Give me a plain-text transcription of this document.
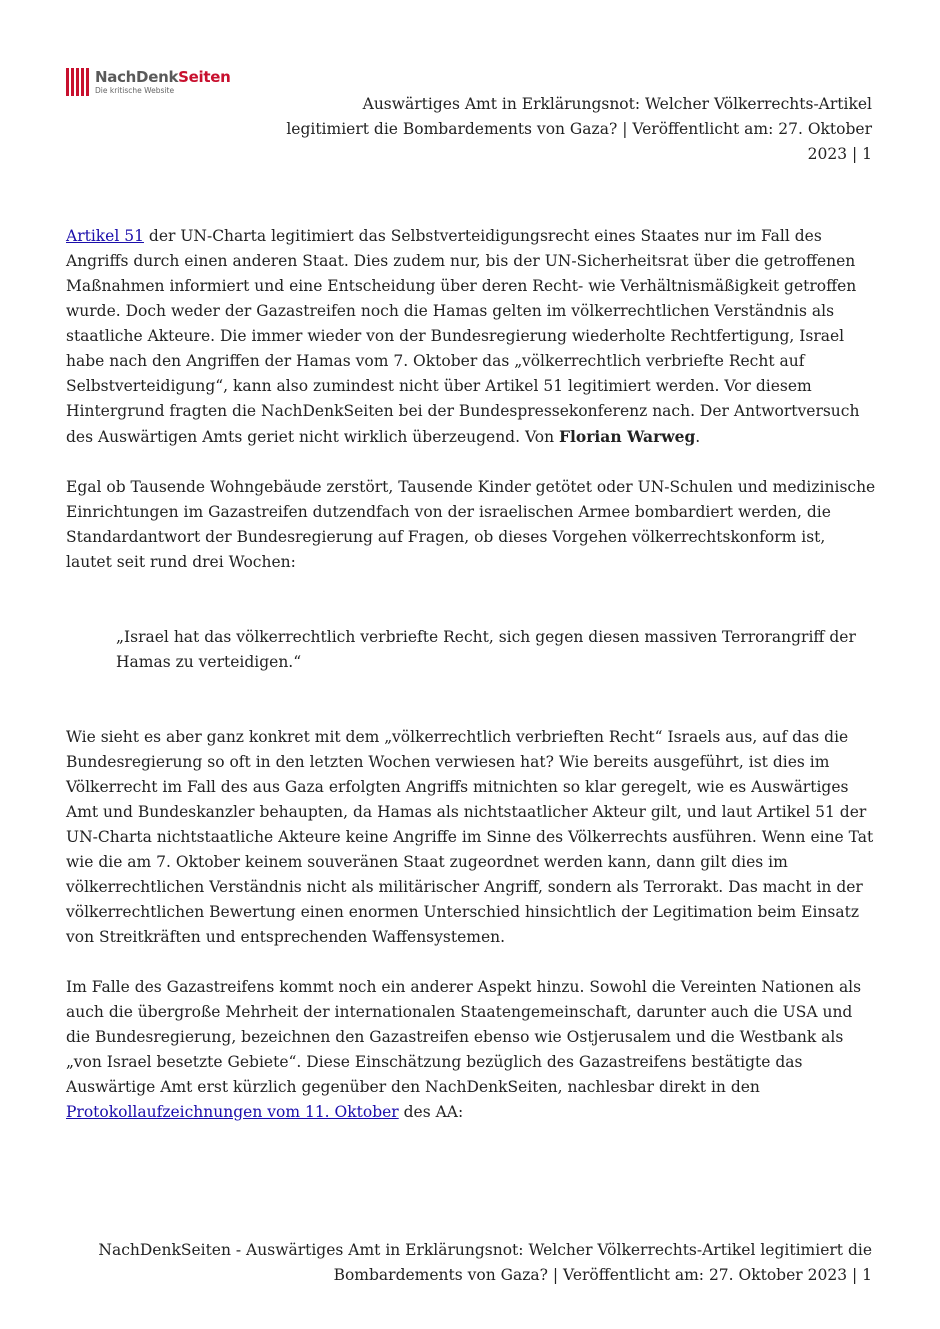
NachDenkSeiten
Die kritische Website
Auswärtiges Amt in Erklärungsnot: Welcher Völkerrechts-Artikel legitimiert die Bombardements von Gaza? | Veröffentlicht am: 27. Oktober 2023 | 1

Artikel 51 der UN-Charta legitimiert das Selbstverteidigungsrecht eines Staates nur im Fall des Angriffs durch einen anderen Staat. Dies zudem nur, bis der UN-Sicherheitsrat über die getroffenen Maßnahmen informiert und eine Entscheidung über deren Recht- wie Verhältnismäßigkeit getroffen wurde. Doch weder der Gazastreifen noch die Hamas gelten im völkerrechtlichen Verständnis als staatliche Akteure. Die immer wieder von der Bundesregierung wiederholte Rechtfertigung, Israel habe nach den Angriffen der Hamas vom 7. Oktober das „völkerrechtlich verbriefte Recht auf Selbstverteidigung“, kann also zumindest nicht über Artikel 51 legitimiert werden. Vor diesem Hintergrund fragten die NachDenkSeiten bei der Bundespressekonferenz nach. Der Antwortversuch des Auswärtigen Amts geriet nicht wirklich überzeugend. Von Florian Warweg.

Egal ob Tausende Wohngebäude zerstört, Tausende Kinder getötet oder UN-Schulen und medizinische Einrichtungen im Gazastreifen dutzendfach von der israelischen Armee bombardiert werden, die Standardantwort der Bundesregierung auf Fragen, ob dieses Vorgehen völkerrechtskonform ist, lautet seit rund drei Wochen:

„Israel hat das völkerrechtlich verbriefte Recht, sich gegen diesen massiven Terrorangriff der Hamas zu verteidigen.“

Wie sieht es aber ganz konkret mit dem „völkerrechtlich verbrieften Recht“ Israels aus, auf das die Bundesregierung so oft in den letzten Wochen verwiesen hat? Wie bereits ausgeführt, ist dies im Völkerrecht im Fall des aus Gaza erfolgten Angriffs mitnichten so klar geregelt, wie es Auswärtiges Amt und Bundeskanzler behaupten, da Hamas als nichtstaatlicher Akteur gilt, und laut Artikel 51 der UN-Charta nichtstaatliche Akteure keine Angriffe im Sinne des Völkerrechts ausführen. Wenn eine Tat wie die am 7. Oktober keinem souveränen Staat zugeordnet werden kann, dann gilt dies im völkerrechtlichen Verständnis nicht als militärischer Angriff, sondern als Terrorakt. Das macht in der völkerrechtlichen Bewertung einen enormen Unterschied hinsichtlich der Legitimation beim Einsatz von Streitkräften und entsprechenden Waffensystemen.

Im Falle des Gazastreifens kommt noch ein anderer Aspekt hinzu. Sowohl die Vereinten Nationen als auch die übergroße Mehrheit der internationalen Staatengemeinschaft, darunter auch die USA und die Bundesregierung, bezeichnen den Gazastreifen ebenso wie Ostjerusalem und die Westbank als „von Israel besetzte Gebiete“. Diese Einschätzung bezüglich des Gazastreifens bestätigte das Auswärtige Amt erst kürzlich gegenüber den NachDenkSeiten, nachlesbar direkt in den Protokollaufzeichnungen vom 11. Oktober des AA:

NachDenkSeiten - Auswärtiges Amt in Erklärungsnot: Welcher Völkerrechts-Artikel legitimiert die Bombardements von Gaza? | Veröffentlicht am: 27. Oktober 2023 | 1
